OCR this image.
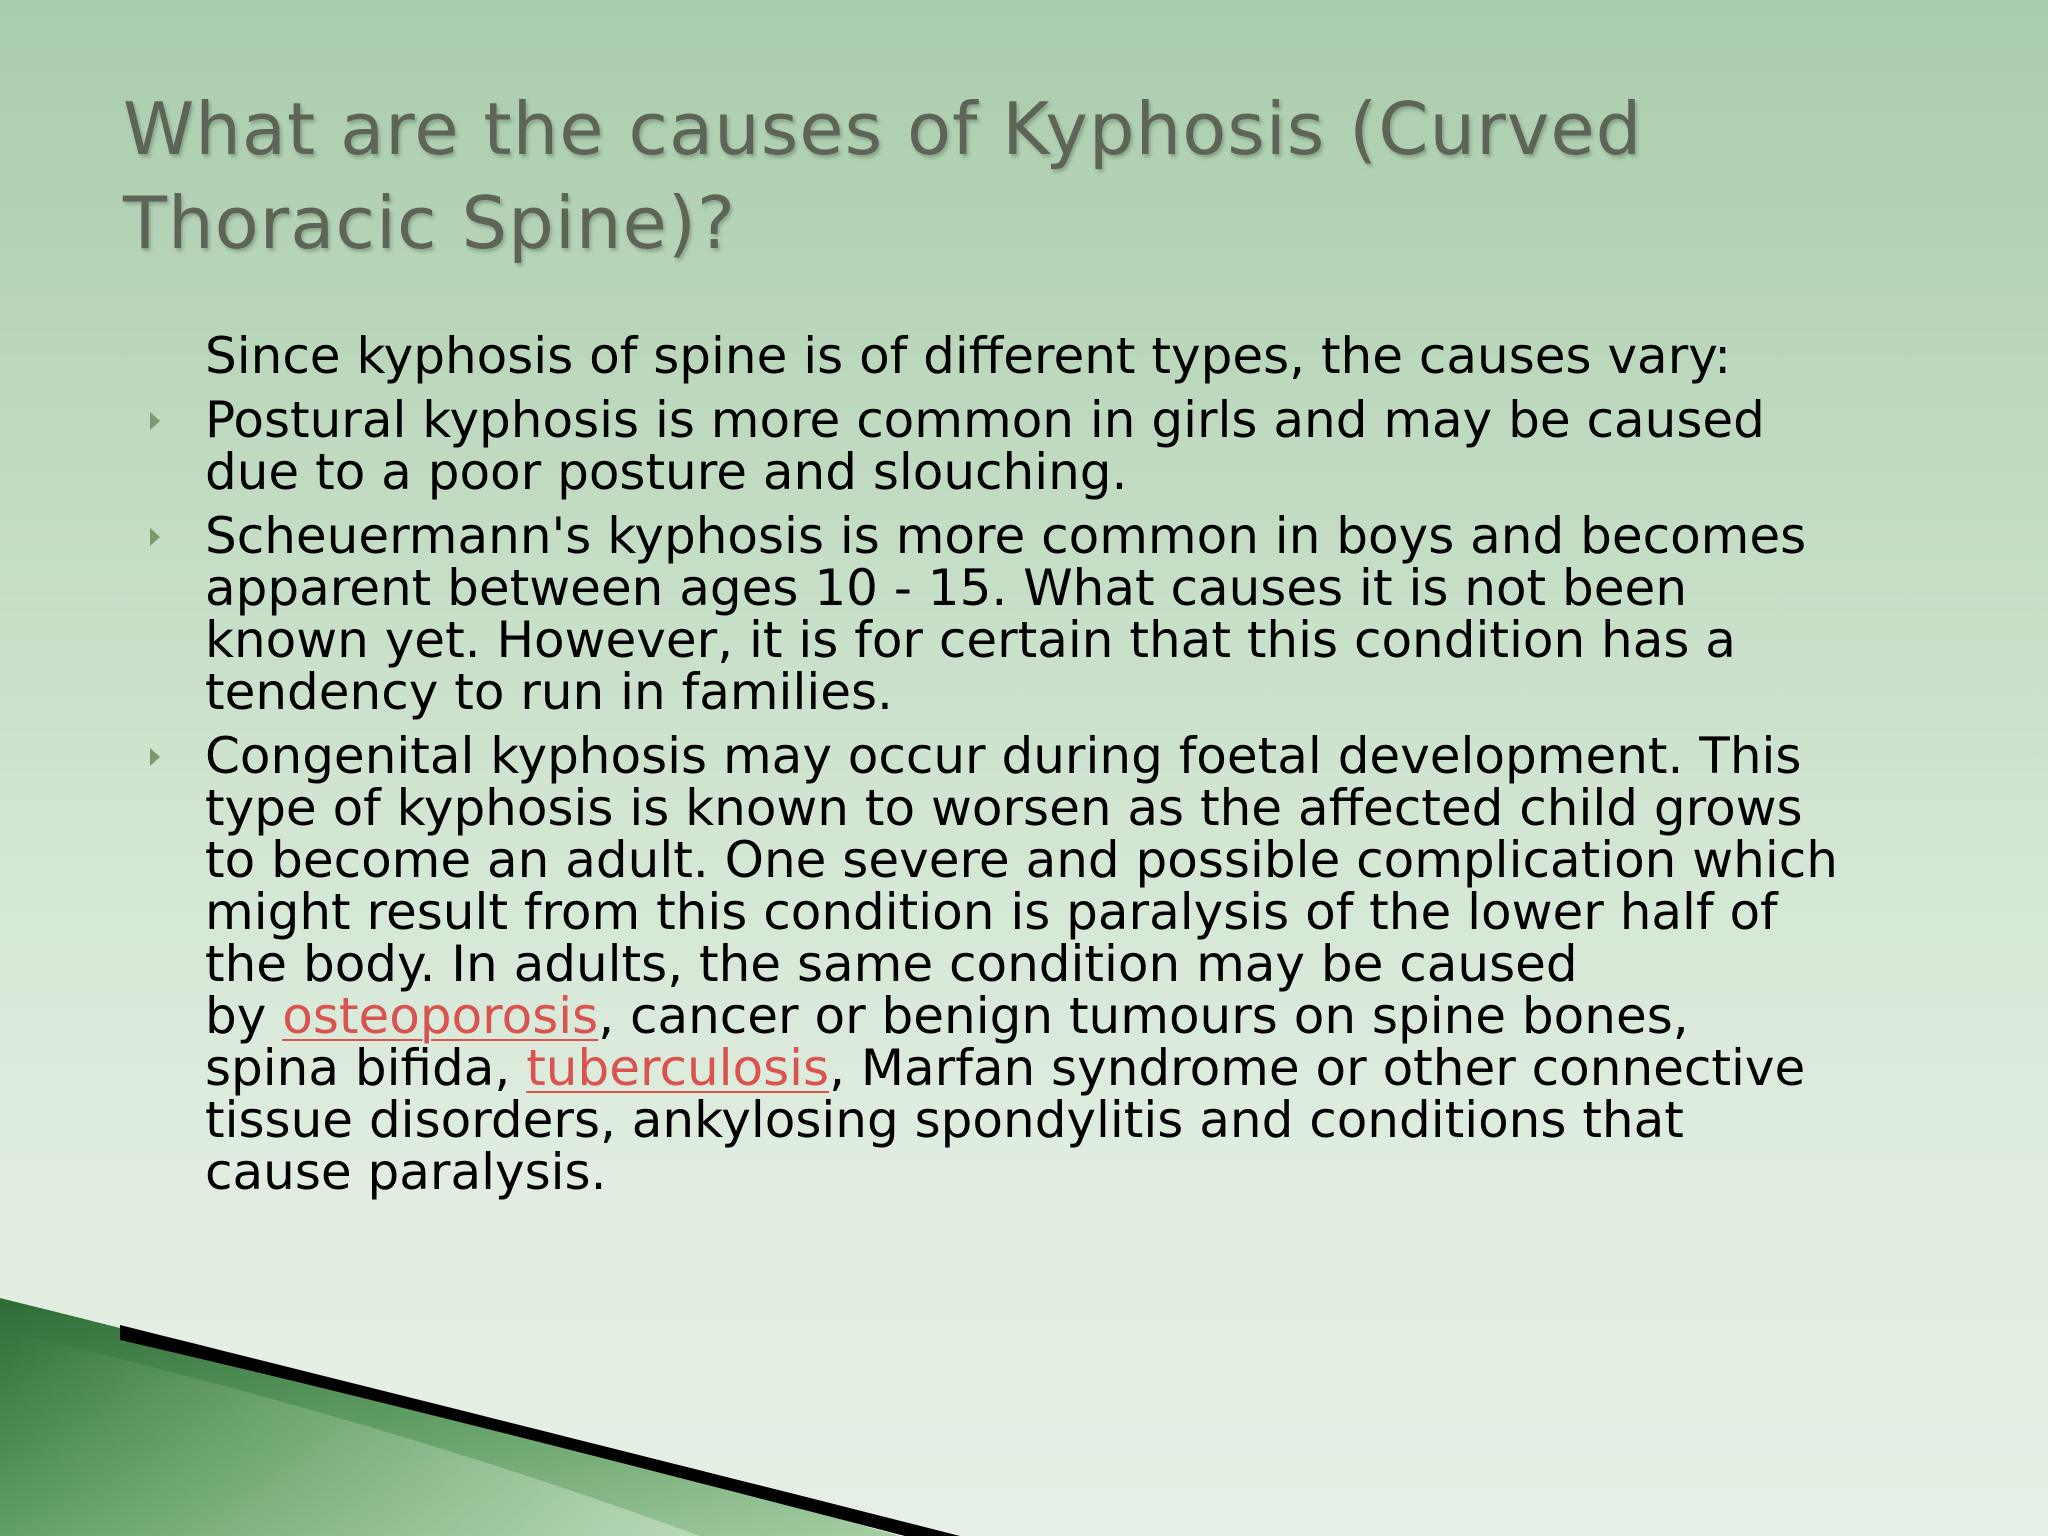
What are the causes of Kyphosis (Curved
Thoracic Spine)?

Since kyphosis of spine is of different types, the causes vary:

Postural kyphosis is more common in girls and may be caused
due to a poor posture and slouching.
Scheuermann's kyphosis is more common in boys and becomes
apparent between ages 10 - 15. What causes it is not been
known yet. However, it is for certain that this condition has a
tendency to run in families.
Congenital kyphosis may occur during foetal development. This
type of kyphosis is known to worsen as the affected child grows
to become an adult. One severe and possible complication which
might result from this condition is paralysis of the lower half of
the body. In adults, the same condition may be caused
by osteoporosis, cancer or benign tumours on spine bones,
spina bifida, tuberculosis, Marfan syndrome or other connective
tissue disorders, ankylosing spondylitis and conditions that
cause paralysis.
